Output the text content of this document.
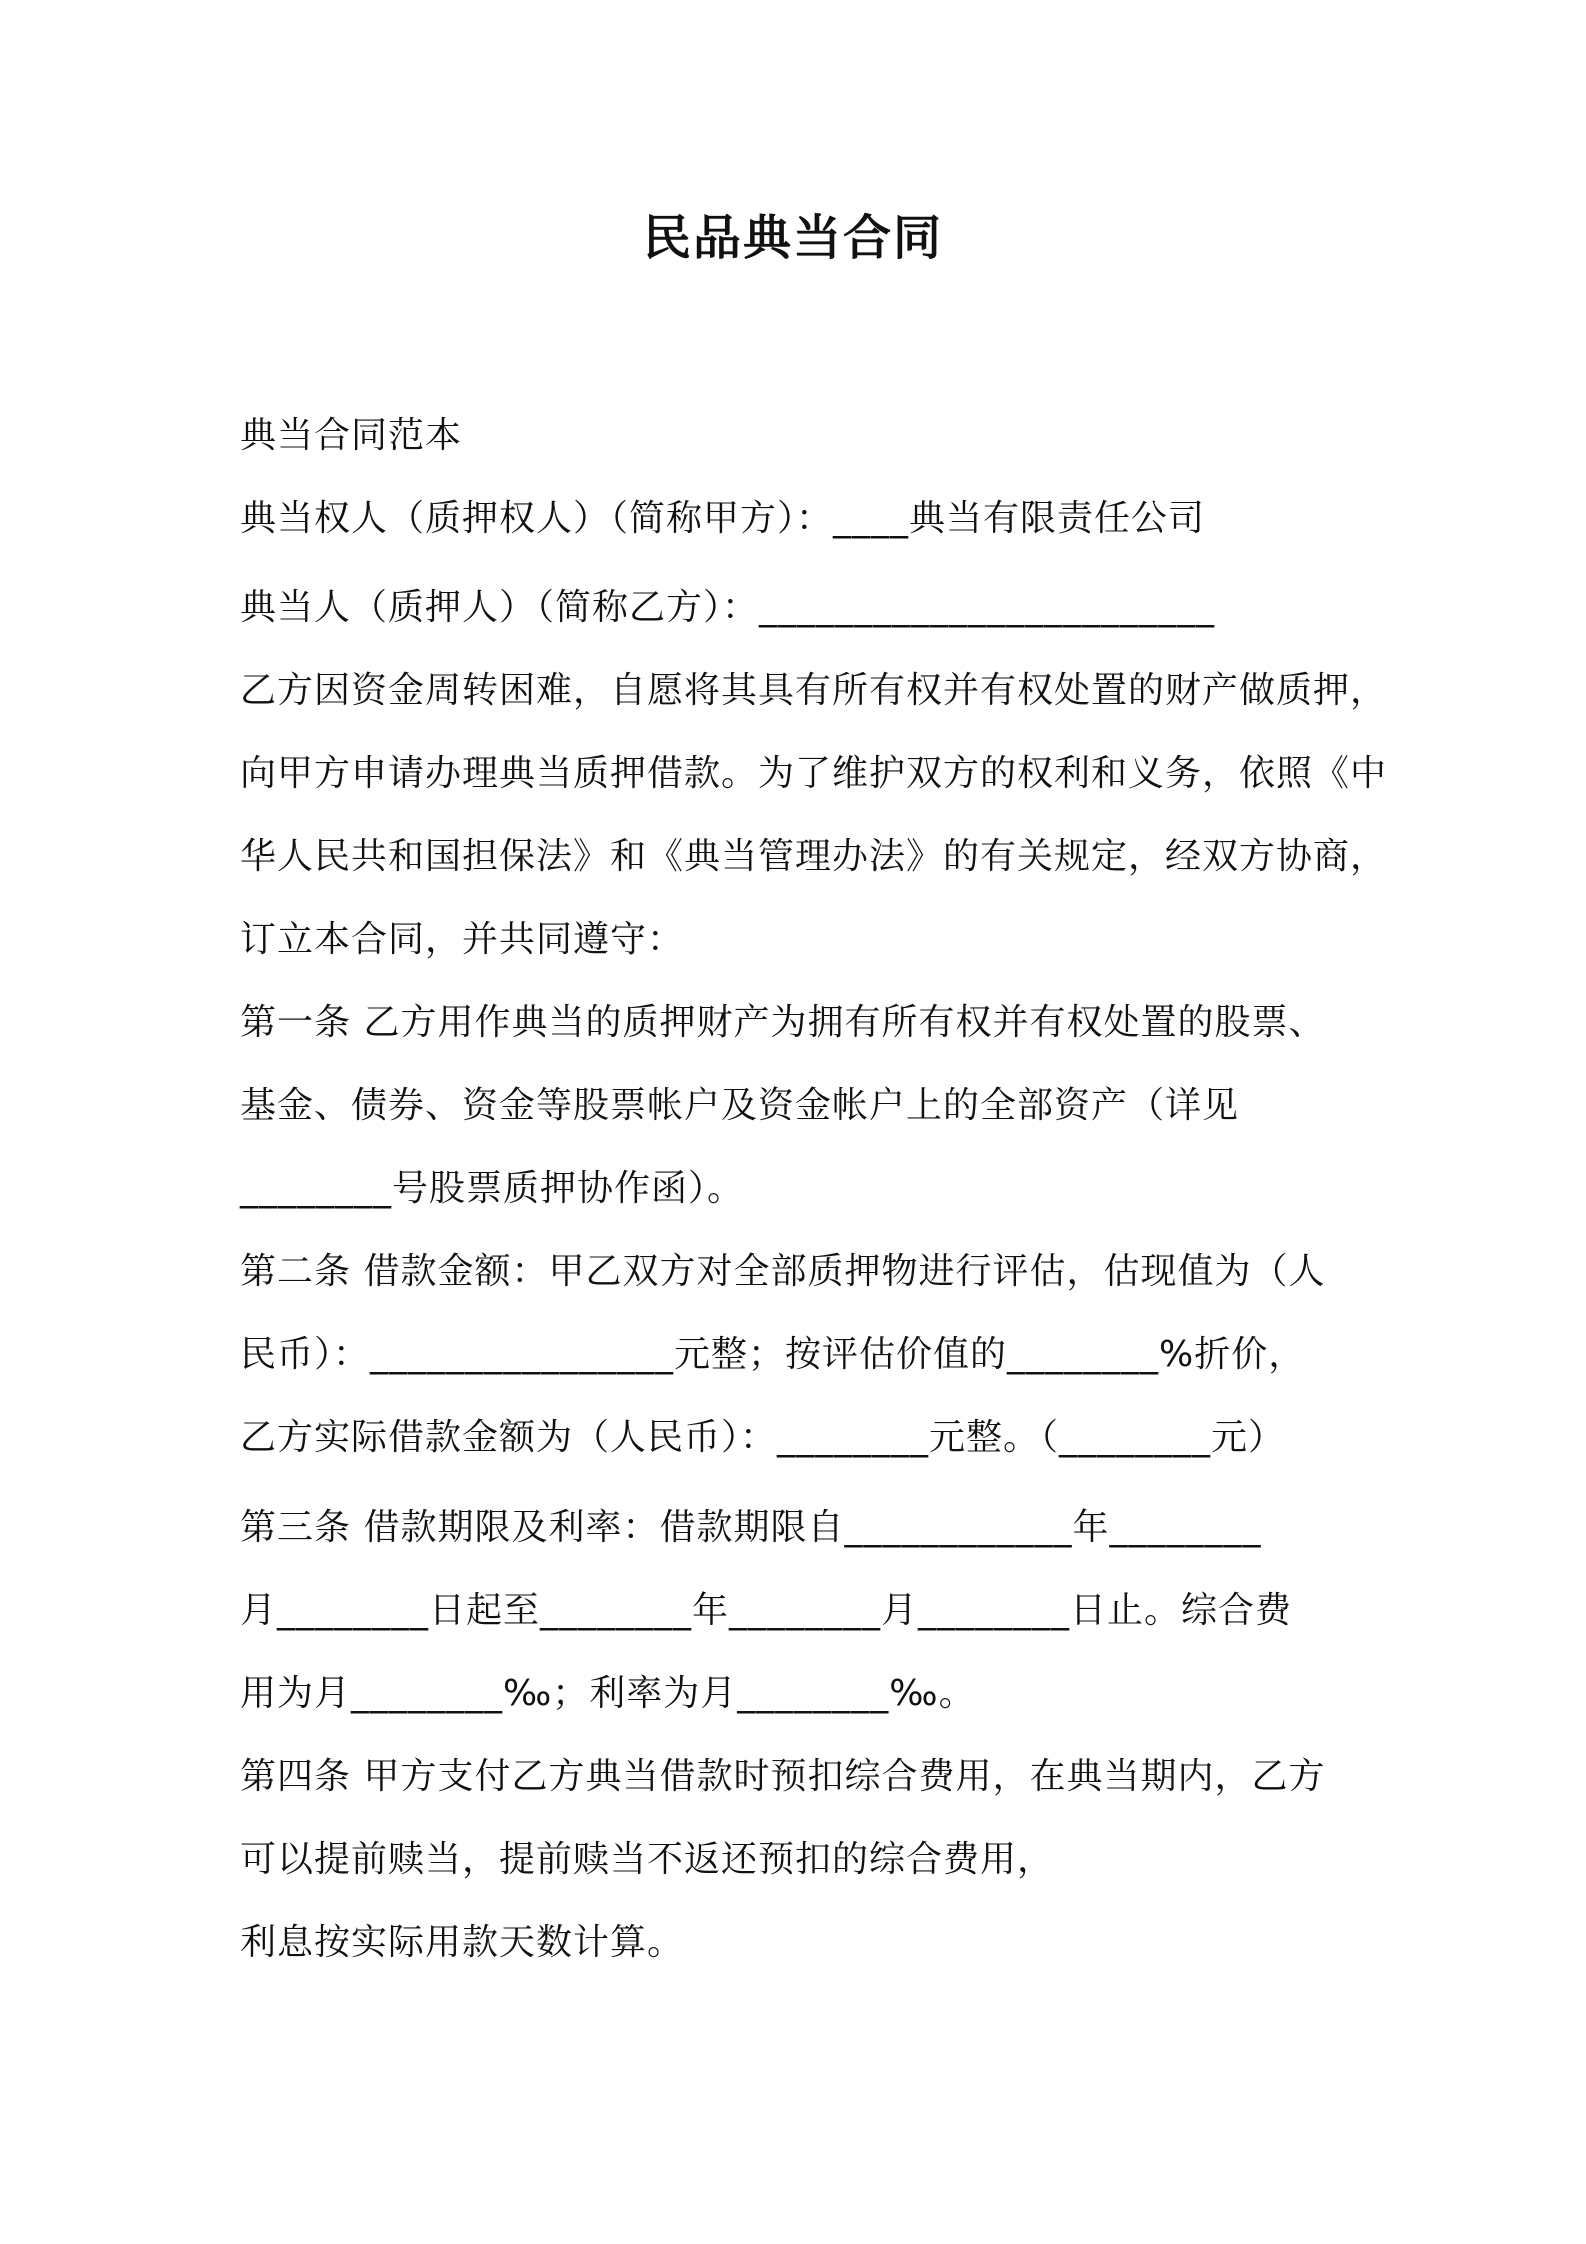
民品典当合同
典当合同范本
典当权人（质押权人）（简称甲方）：____典当有限责任公司
典当人（质押人）（简称乙方）：________________________
乙方因资金周转困难，自愿将其具有所有权并有权处置的财产做质押，
向甲方申请办理典当质押借款。为了维护双方的权利和义务，依照《中
华人民共和国担保法》和《典当管理办法》的有关规定，经双方协商，
订立本合同，并共同遵守：
第一条 乙方用作典当的质押财产为拥有所有权并有权处置的股票、
基金、债券、资金等股票帐户及资金帐户上的全部资产（详见
________号股票质押协作函）。
第二条 借款金额：甲乙双方对全部质押物进行评估，估现值为（人
民币）：________________元整；按评估价值的________%折价，
乙方实际借款金额为（人民币）：________元整。（________元）
第三条 借款期限及利率：借款期限自____________年________
月________日起至________年________月________日止。综合费
用为月________‰；利率为月________‰。
第四条 甲方支付乙方典当借款时预扣综合费用，在典当期内，乙方
可以提前赎当，提前赎当不返还预扣的综合费用，
利息按实际用款天数计算。
